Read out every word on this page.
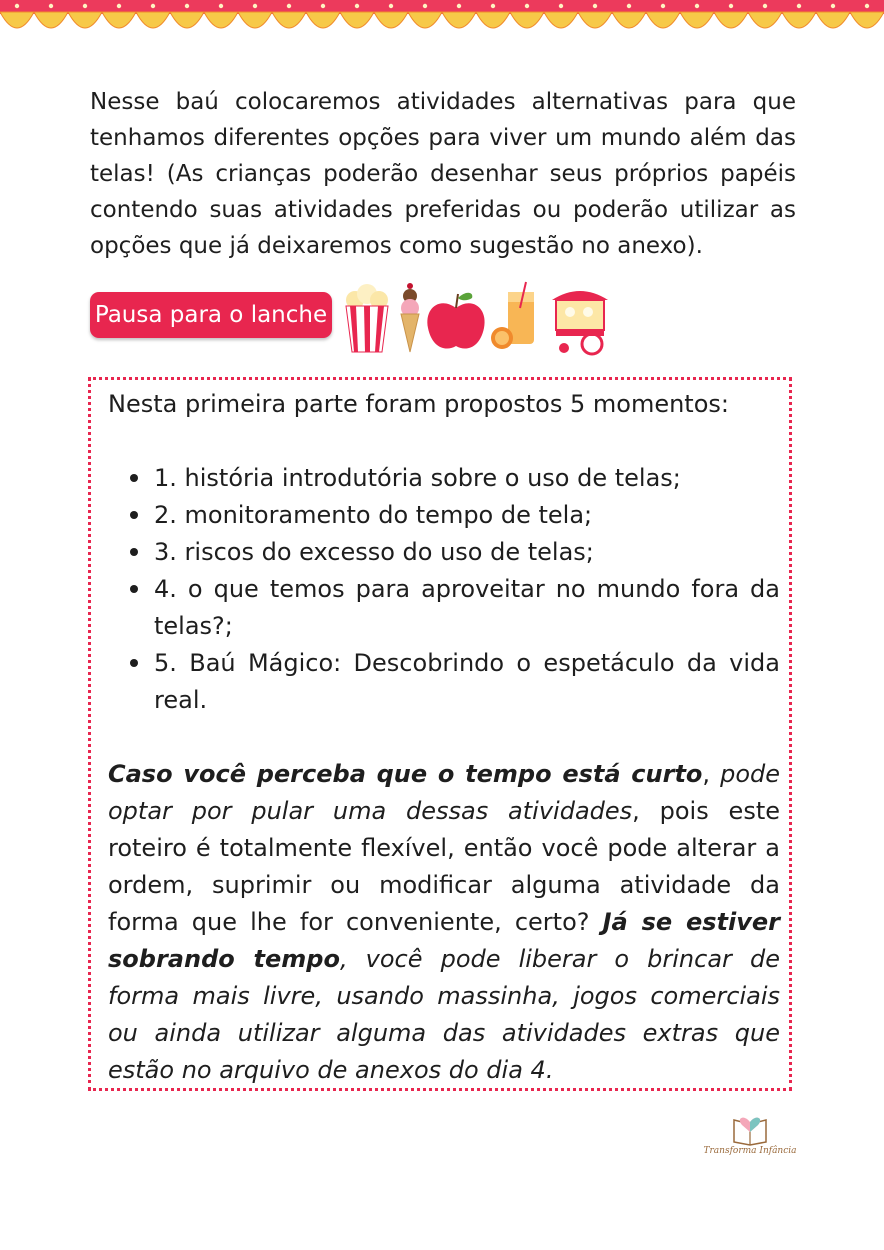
Nesse baú colocaremos atividades alternativas para que tenhamos diferentes opções para viver um mundo além das telas! (As crianças poderão desenhar seus próprios papéis contendo suas atividades preferidas ou poderão utilizar as opções que já deixaremos como sugestão no anexo).

Pausa para o lanche

Nesta primeira parte foram propostos 5 momentos:

1. história introdutória sobre o uso de telas;
2. monitoramento do tempo de tela;
3. riscos do excesso do uso de telas;
4. o que temos para aproveitar no mundo fora da telas?;
5. Baú Mágico: Descobrindo o espetáculo da vida real.

Caso você perceba que o tempo está curto, pode optar por pular uma dessas atividades, pois este roteiro é totalmente flexível, então você pode alterar a ordem, suprimir ou modificar alguma atividade da forma que lhe for conveniente, certo? Já se estiver sobrando tempo, você pode liberar o brincar de forma mais livre, usando massinha, jogos comerciais ou ainda utilizar alguma das atividades extras que estão no arquivo de anexos do dia 4.

Transforma Infância
